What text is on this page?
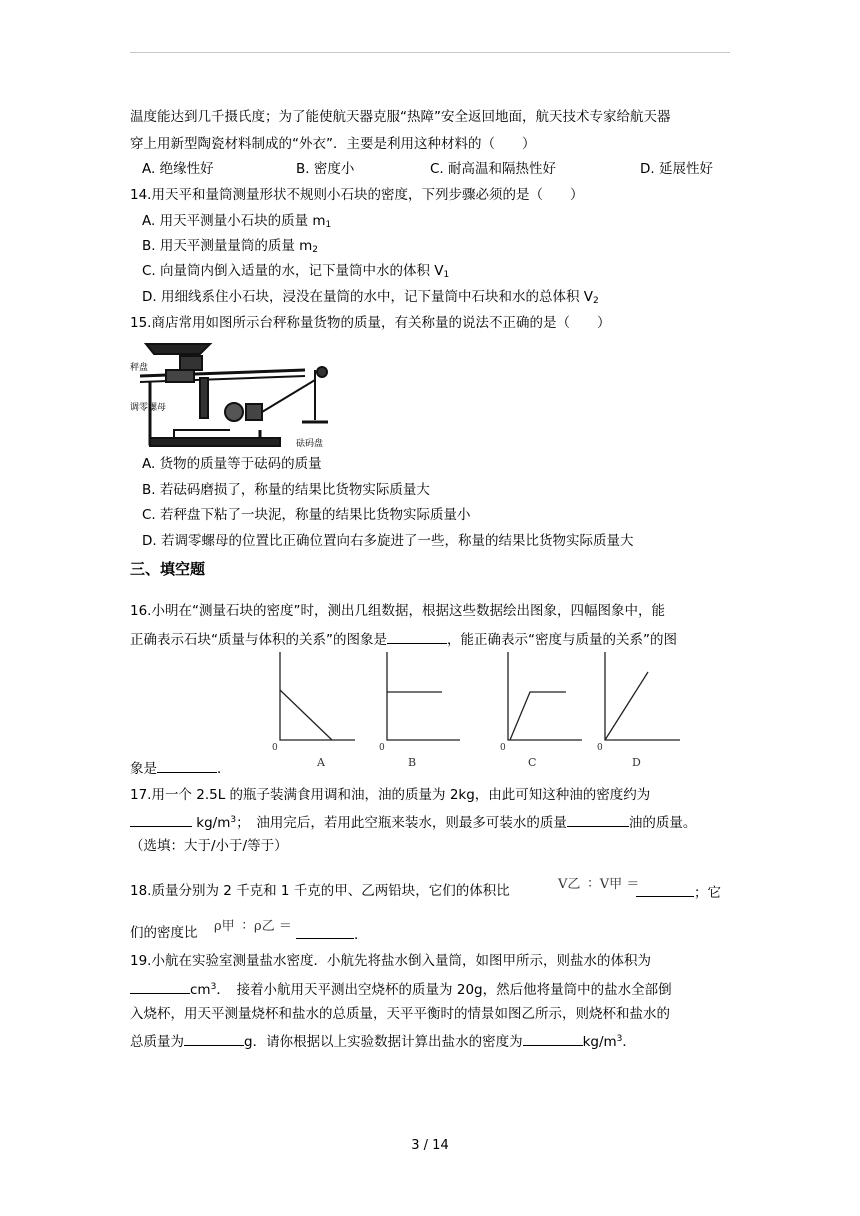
温度能达到几千摄氏度；为了能使航天器克服“热障”安全返回地面，航天技术专家给航天器
穿上用新型陶瓷材料制成的“外衣”．主要是利用这种材料的（　　）
A. 绝缘性好	B. 密度小	C. 耐高温和隔热性好	D. 延展性好
14.用天平和量筒测量形状不规则小石块的密度，下列步骤必须的是（　　）
A. 用天平测量小石块的质量 $m_1$
B. 用天平测量量筒的质量 $m_2$
C. 向量筒内倒入适量的水，记下量筒中水的体积 $V_1$
D. 用细线系住小石块，浸没在量筒的水中，记下量筒中石块和水的总体积 $V_2$
15.商店常用如图所示台秤称量货物的质量，有关称量的说法不正确的是（　　）
秤盘
调零螺母
砝码盘
A. 货物的质量等于砝码的质量
B. 若砝码磨损了，称量的结果比货物实际质量大
C. 若秤盘下粘了一块泥，称量的结果比货物实际质量小
D. 若调零螺母的位置比正确位置向右多旋进了一些，称量的结果比货物实际质量大
三、填空题
16.小明在“测量石块的密度”时，测出几组数据，根据这些数据绘出图象，四幅图象中，能
正确表示石块“质量与体积的关系”的图象是	，能正确表示“密度与质量的关系”的图
0	0	0	0
A	B	C	D
象是	．
17.用一个 2.5L 的瓶子装满食用调和油，油的质量为 2kg，由此可知这种油的密度约为
$kg/m^3$；　油用完后，若用此空瓶来装水，则最多可装水的质量	油的质量。
（选填：大于/小于/等于）
18.质量分别为 2 千克和 1 千克的甲、乙两铅块，它们的体积比	V乙 ∶ V甲 ＝
；它
们的密度比 ρ甲 ∶ ρ乙 ＝
．
19.小航在实验室测量盐水密度．小航先将盐水倒入量筒，如图甲所示，则盐水的体积为
$cm^3$．　接着小航用天平测出空烧杯的质量为 20g，然后他将量筒中的盐水全部倒
入烧杯，用天平测量烧杯和盐水的总质量，天平平衡时的情景如图乙所示，则烧杯和盐水的
总质量为	g．请你根据以上实验数据计算出盐水的密度为	$kg/m^3$．
3 / 14
